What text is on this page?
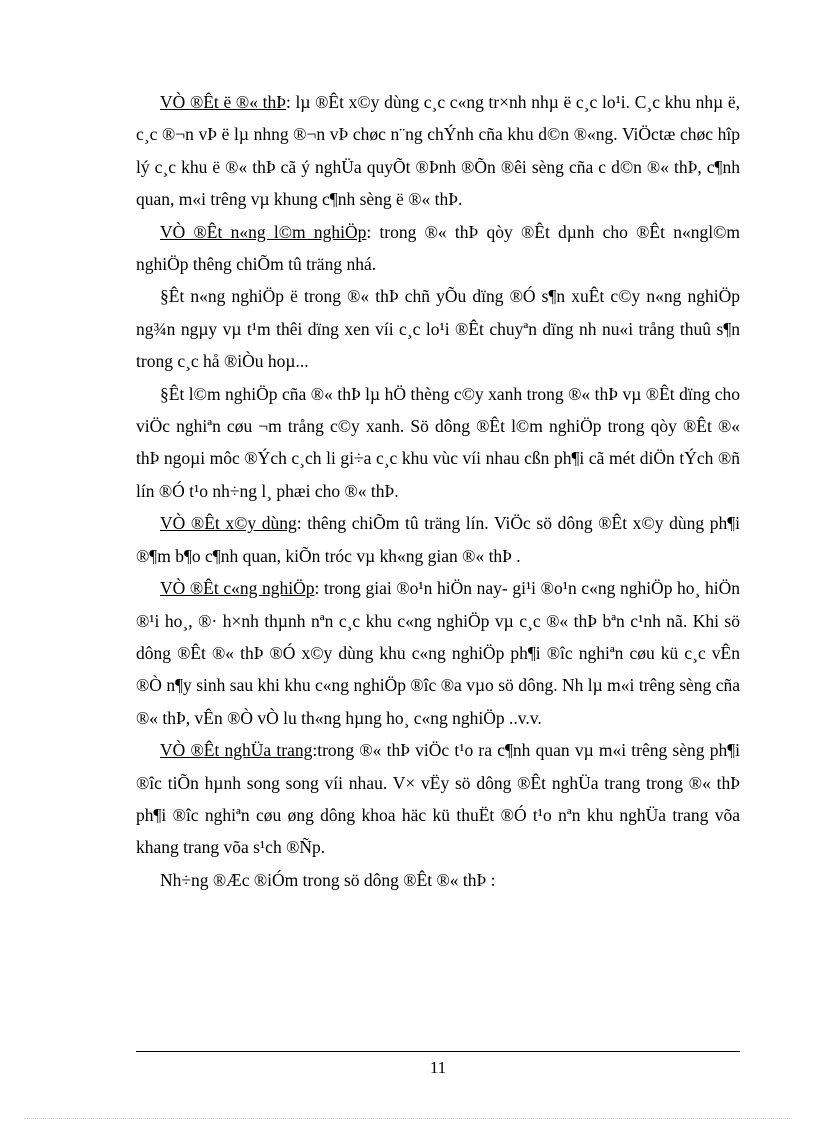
VÒ ®Êt ë ®« thÞ: lµ ®Êt x©y dùng c¸c c«ng tr×nh nhµ ë c¸c lo¹i. C¸c khu nhµ ë, c¸c ®¬n vÞ ë lµ nhng ®¬n vÞ chøc n¨ng chÝnh cña khu d©n ®«ng. ViÖctæ chøc hîp lý c¸c khu ë ®« thÞ cã ý nghÜa quyÕt ®Þnh ®Õn ®êi sèng cña c d©n ®« thÞ, c¶nh quan, m«i trêng vµ khung c¶nh sèng ë ®« thÞ.

VÒ ®Êt n«ng l©m nghiÖp: trong ®« thÞ qòy ®Êt dµnh cho ®Êt n«ngl©m nghiÖp thêng chiÕm tû träng nhá.

§Êt n«ng nghiÖp ë trong ®« thÞ chñ yÕu dïng ®Ó s¶n xuÊt c©y n«ng nghiÖp ng¾n ngµy vµ t¹m thêi dïng xen víi c¸c lo¹i ®Êt chuyªn dïng nh nu«i trång thuû s¶n trong c¸c hå ®iÒu hoµ...

§Êt l©m nghiÖp cña ®« thÞ lµ hÖ thèng c©y xanh trong ®« thÞ vµ ®Êt dïng cho viÖc nghiªn cøu ¬m trång c©y xanh. Sö dông ®Êt l©m nghiÖp trong qòy ®Êt ®« thÞ ngoµi môc ®Ých c¸ch li gi÷a c¸c khu vùc víi nhau cßn ph¶i cã mét diÖn tÝch ®ñ lín ®Ó t¹o nh÷ng l¸ phæi cho ®« thÞ.

VÒ ®Êt x©y dùng: thêng chiÕm tû träng lín. ViÖc sö dông ®Êt x©y dùng ph¶i ®¶m b¶o c¶nh quan, kiÕn tróc vµ kh«ng gian ®« thÞ .

VÒ ®Êt c«ng nghiÖp: trong giai ®o¹n hiÖn nay- gi¹i ®o¹n c«ng nghiÖp ho¸ hiÖn ®¹i ho¸, ®· h×nh thµnh nªn c¸c khu c«ng nghiÖp vµ c¸c ®« thÞ bªn c¹nh nã. Khi sö dông ®Êt ®« thÞ ®Ó x©y dùng khu c«ng nghiÖp ph¶i ®îc nghiªn cøu kü c¸c vÊn ®Ò n¶y sinh sau khi khu c«ng nghiÖp ®îc ®a vµo sö dông. Nh lµ m«i trêng sèng cña ®« thÞ, vÊn ®Ò vÒ lu th«ng hµng ho¸ c«ng nghiÖp ..v.v.

VÒ ®Êt nghÜa trang:trong ®« thÞ viÖc t¹o ra c¶nh quan vµ m«i trêng sèng ph¶i ®îc tiÕn hµnh song song víi nhau. V× vËy sö dông ®Êt nghÜa trang trong ®« thÞ ph¶i ®îc nghiªn cøu øng dông khoa häc kü thuËt ®Ó t¹o nªn khu nghÜa trang võa khang trang võa s¹ch ®Ñp.

Nh÷ng ®Æc ®iÓm trong sö dông ®Êt ®« thÞ :

11
